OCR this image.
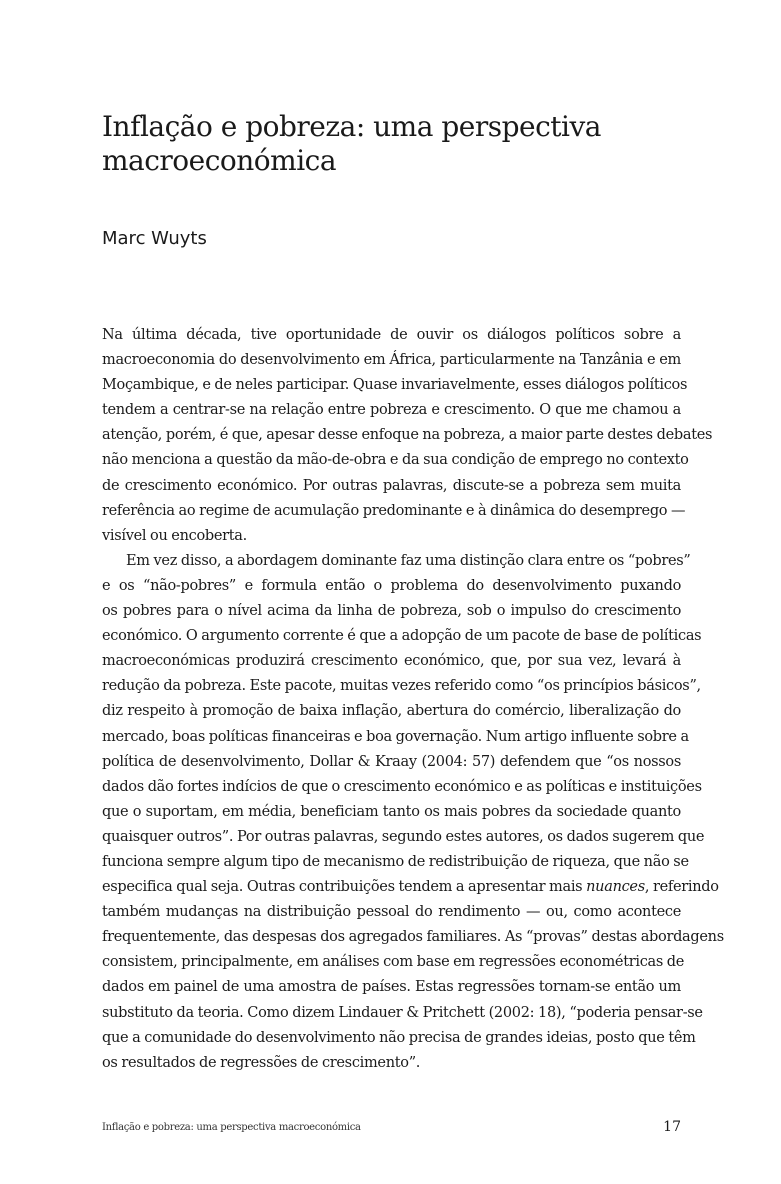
Inflação e pobreza: uma perspectiva
macroeconómica

Marc Wuyts

Na última década, tive oportunidade de ouvir os diálogos políticos sobre a
macroeconomia do desenvolvimento em África, particularmente na Tanzânia e em
Moçambique, e de neles participar. Quase invariavelmente, esses diálogos políticos
tendem a centrar-se na relação entre pobreza e crescimento. O que me chamou a
atenção, porém, é que, apesar desse enfoque na pobreza, a maior parte destes debates
não menciona a questão da mão-de-obra e da sua condição de emprego no contexto
de crescimento económico. Por outras palavras, discute-se a pobreza sem muita
referência ao regime de acumulação predominante e à dinâmica do desemprego —
visível ou encoberta.
Em vez disso, a abordagem dominante faz uma distinção clara entre os “pobres”
e os “não-pobres” e formula então o problema do desenvolvimento puxando
os pobres para o nível acima da linha de pobreza, sob o impulso do crescimento
económico. O argumento corrente é que a adopção de um pacote de base de políticas
macroeconómicas produzirá crescimento económico, que, por sua vez, levará à
redução da pobreza. Este pacote, muitas vezes referido como “os princípios básicos”,
diz respeito à promoção de baixa inflação, abertura do comércio, liberalização do
mercado, boas políticas financeiras e boa governação. Num artigo influente sobre a
política de desenvolvimento, Dollar & Kraay (2004: 57) defendem que “os nossos
dados dão fortes indícios de que o crescimento económico e as políticas e instituições
que o suportam, em média, beneficiam tanto os mais pobres da sociedade quanto
quaisquer outros”. Por outras palavras, segundo estes autores, os dados sugerem que
funciona sempre algum tipo de mecanismo de redistribuição de riqueza, que não se
especifica qual seja. Outras contribuições tendem a apresentar mais nuances, referindo
também mudanças na distribuição pessoal do rendimento — ou, como acontece
frequentemente, das despesas dos agregados familiares. As “provas” destas abordagens
consistem, principalmente, em análises com base em regressões econométricas de
dados em painel de uma amostra de países. Estas regressões tornam-se então um
substituto da teoria. Como dizem Lindauer & Pritchett (2002: 18), “poderia pensar-se
que a comunidade do desenvolvimento não precisa de grandes ideias, posto que têm
os resultados de regressões de crescimento”.
Inflação e pobreza: uma perspectiva macroeconómica	17
